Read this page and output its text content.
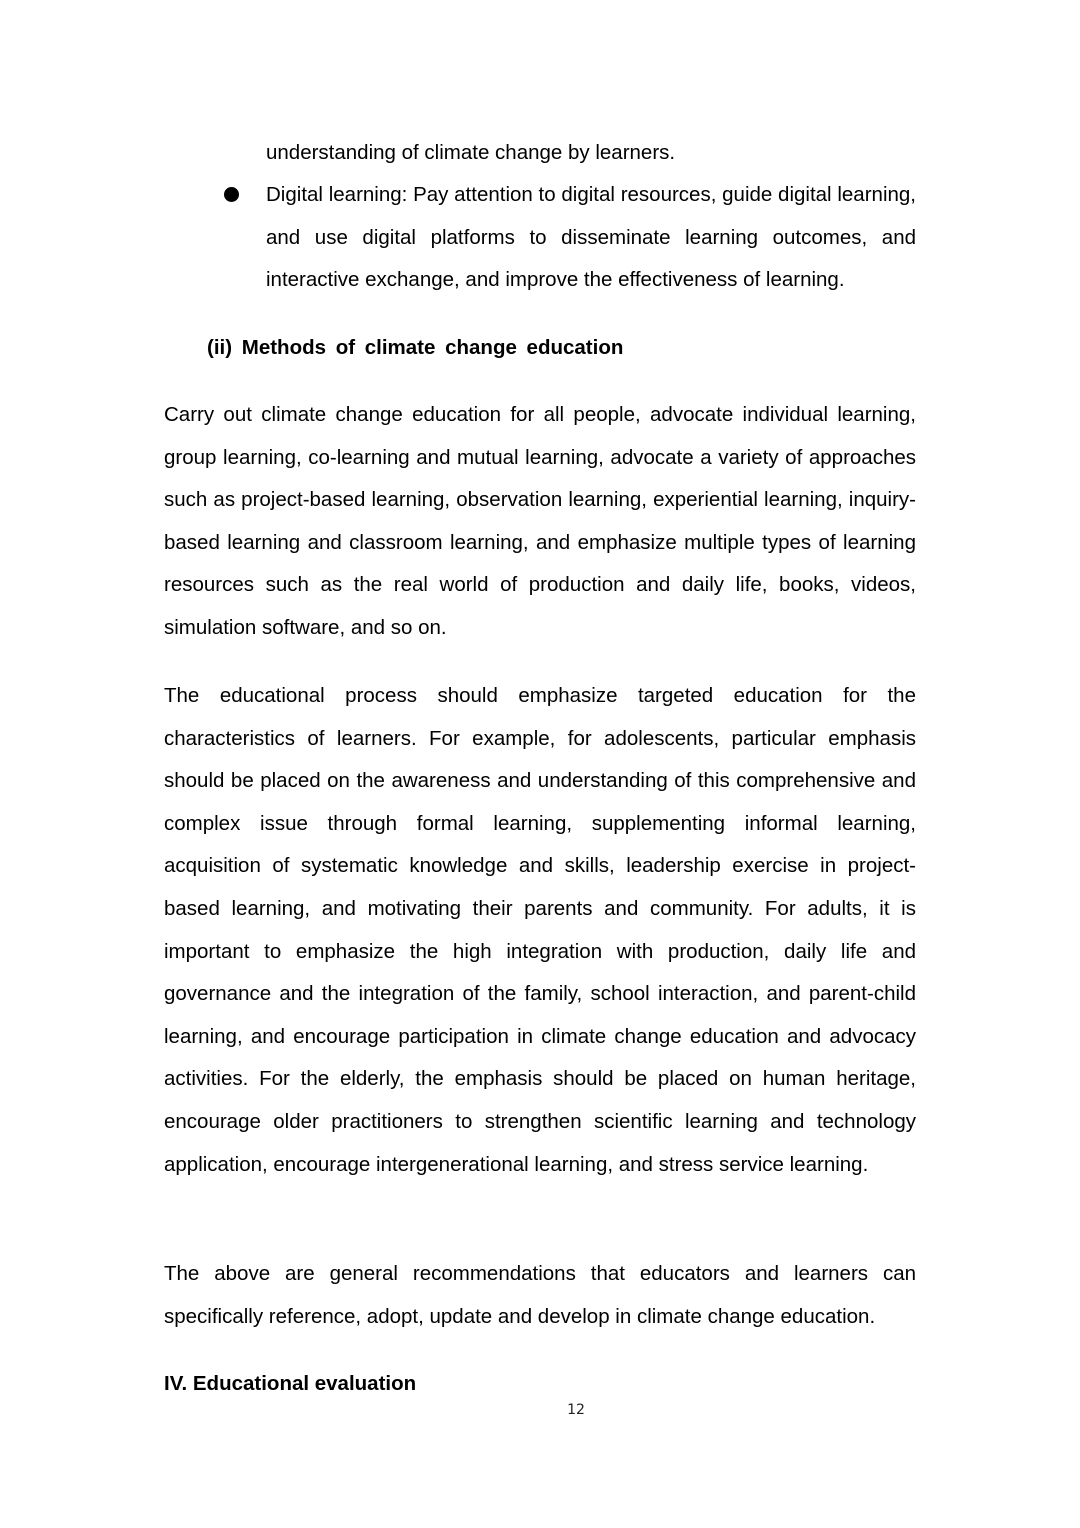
understanding of climate change by learners.

Digital learning: Pay attention to digital resources, guide digital learning, and use digital platforms to disseminate learning outcomes, and interactive exchange, and improve the effectiveness of learning.

(ii) Methods of climate change education

Carry out climate change education for all people, advocate individual learning, group learning, co-learning and mutual learning, advocate a variety of approaches such as project-based learning, observation learning, experiential learning, inquiry-based learning and classroom learning, and emphasize multiple types of learning resources such as the real world of production and daily life, books, videos, simulation software, and so on.

The educational process should emphasize targeted education for the characteristics of learners. For example, for adolescents, particular emphasis should be placed on the awareness and understanding of this comprehensive and complex issue through formal learning, supplementing informal learning, acquisition of systematic knowledge and skills, leadership exercise in project-based learning, and motivating their parents and community. For adults, it is important to emphasize the high integration with production, daily life and governance and the integration of the family, school interaction, and parent-child learning, and encourage participation in climate change education and advocacy activities. For the elderly, the emphasis should be placed on human heritage, encourage older practitioners to strengthen scientific learning and technology application, encourage intergenerational learning, and stress service learning.

The above are general recommendations that educators and learners can specifically reference, adopt, update and develop in climate change education.

IV. Educational evaluation
12
